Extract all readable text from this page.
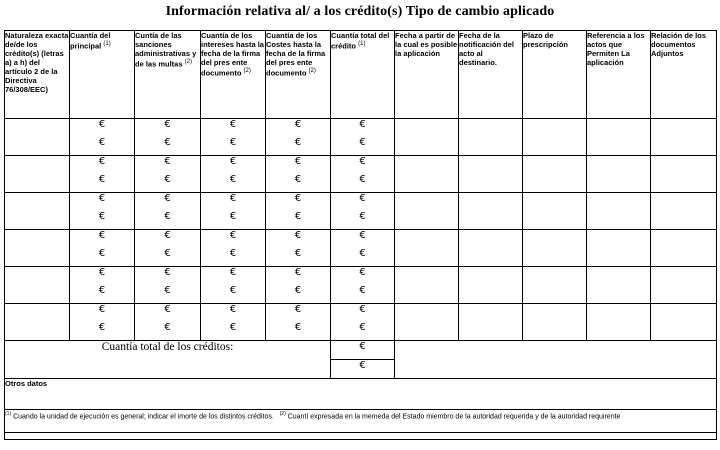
Información relativa al/ a los crédito(s) Tipo de cambio aplicado
Naturaleza exacta de/de los crédito(s) (letras a) a h) del artículo 2 de la Directiva 76/308/EEC)	Cuantía del principal $^{(1)}$	Cuntía de las sanciones administrativas y de las multas $^{(2)}$	Cuantía de los intereses hasta la fecha de la firma del pres ente documento $^{(2)}$	Cuantía de los Costes hasta la fecha de la firma del pres ente documento $^{(2)}$	Cuantía total del crédito $^{(1)}$	Fecha a partir de la cual es posible la aplicación	Fecha de la notificación del acto al destinario.	Plazo de prescripción	Referencia a los actos que Permiten La aplicación	Relación de los documentos Adjuntos
	€	€	€	€	€					
	€	€	€	€	€					
	€	€	€	€	€					
	€	€	€	€	€					
	€	€	€	€	€					
	€	€	€	€	€					
	€	€	€	€	€					
	€	€	€	€	€					
	€	€	€	€	€					
	€	€	€	€	€					
	€	€	€	€	€					
	€	€	€	€	€					
Cuantía total de los créditos:					€					
					€					
Otros datos										
$^{(1)}$ Cuando la unidad de ejecución es general; indicar el imorte de los distintos créditos. $^{(2)}$ Cuantí expresada en la memeda del Estado miembro de la autoridad requerida y de la autoridad requirente										
